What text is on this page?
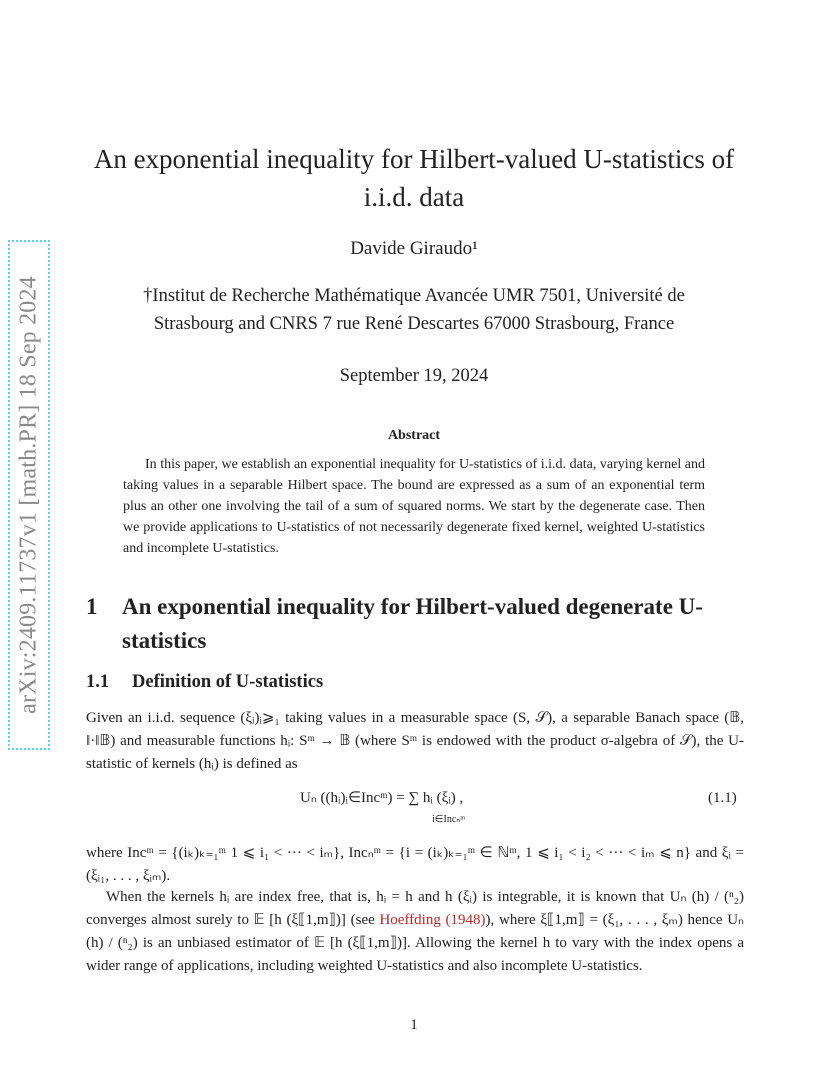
arXiv:2409.11737v1 [math.PR] 18 Sep 2024
An exponential inequality for Hilbert-valued U-statistics of
i.i.d. data
Davide Giraudo¹
†Institut de Recherche Mathématique Avancée UMR 7501, Université de
Strasbourg and CNRS 7 rue René Descartes 67000 Strasbourg, France
September 19, 2024
Abstract
In this paper, we establish an exponential inequality for U-statistics of i.i.d. data, varying kernel and taking values in a separable Hilbert space. The bound are expressed as a sum of an exponential term plus an other one involving the tail of a sum of squared norms. We start by the degenerate case. Then we provide applications to U-statistics of not necessarily degenerate fixed kernel, weighted U-statistics and incomplete U-statistics.
1 An exponential inequality for Hilbert-valued degenerate U-statistics
1.1 Definition of U-statistics
Given an i.i.d. sequence (ξᵢ)ᵢ⩾₁ taking values in a measurable space (S, 𝒮), a separable Banach space (𝔹, ‖·‖𝔹) and measurable functions hᵢ: Sᵐ → 𝔹 (where Sᵐ is endowed with the product σ-algebra of 𝒮), the U-statistic of kernels (hᵢ) is defined as
Uₙ ((hᵢ)ᵢ∈Incᵐ) = ∑ hᵢ (ξᵢ) ,
i∈Incₙᵐ
(1.1)
where Incᵐ = {(iₖ)ₖ₌₁ᵐ 1 ⩽ i₁ < ··· < iₘ}, Incₙᵐ = {i = (iₖ)ₖ₌₁ᵐ ∈ ℕᵐ, 1 ⩽ i₁ < i₂ < ··· < iₘ ⩽ n} and ξᵢ = (ξᵢ₁, . . . , ξᵢₘ).
When the kernels hᵢ are index free, that is, hᵢ = h and h (ξᵢ) is integrable, it is known that Uₙ (h) / (ⁿ₂) converges almost surely to 𝔼 [h (ξ⟦1,m⟧)] (see Hoeffding (1948)), where ξ⟦1,m⟧ = (ξ₁, . . . , ξₘ) hence Uₙ (h) / (ⁿ₂) is an unbiased estimator of 𝔼 [h (ξ⟦1,m⟧)]. Allowing the kernel h to vary with the index opens a wider range of applications, including weighted U-statistics and also incomplete U-statistics.
1
